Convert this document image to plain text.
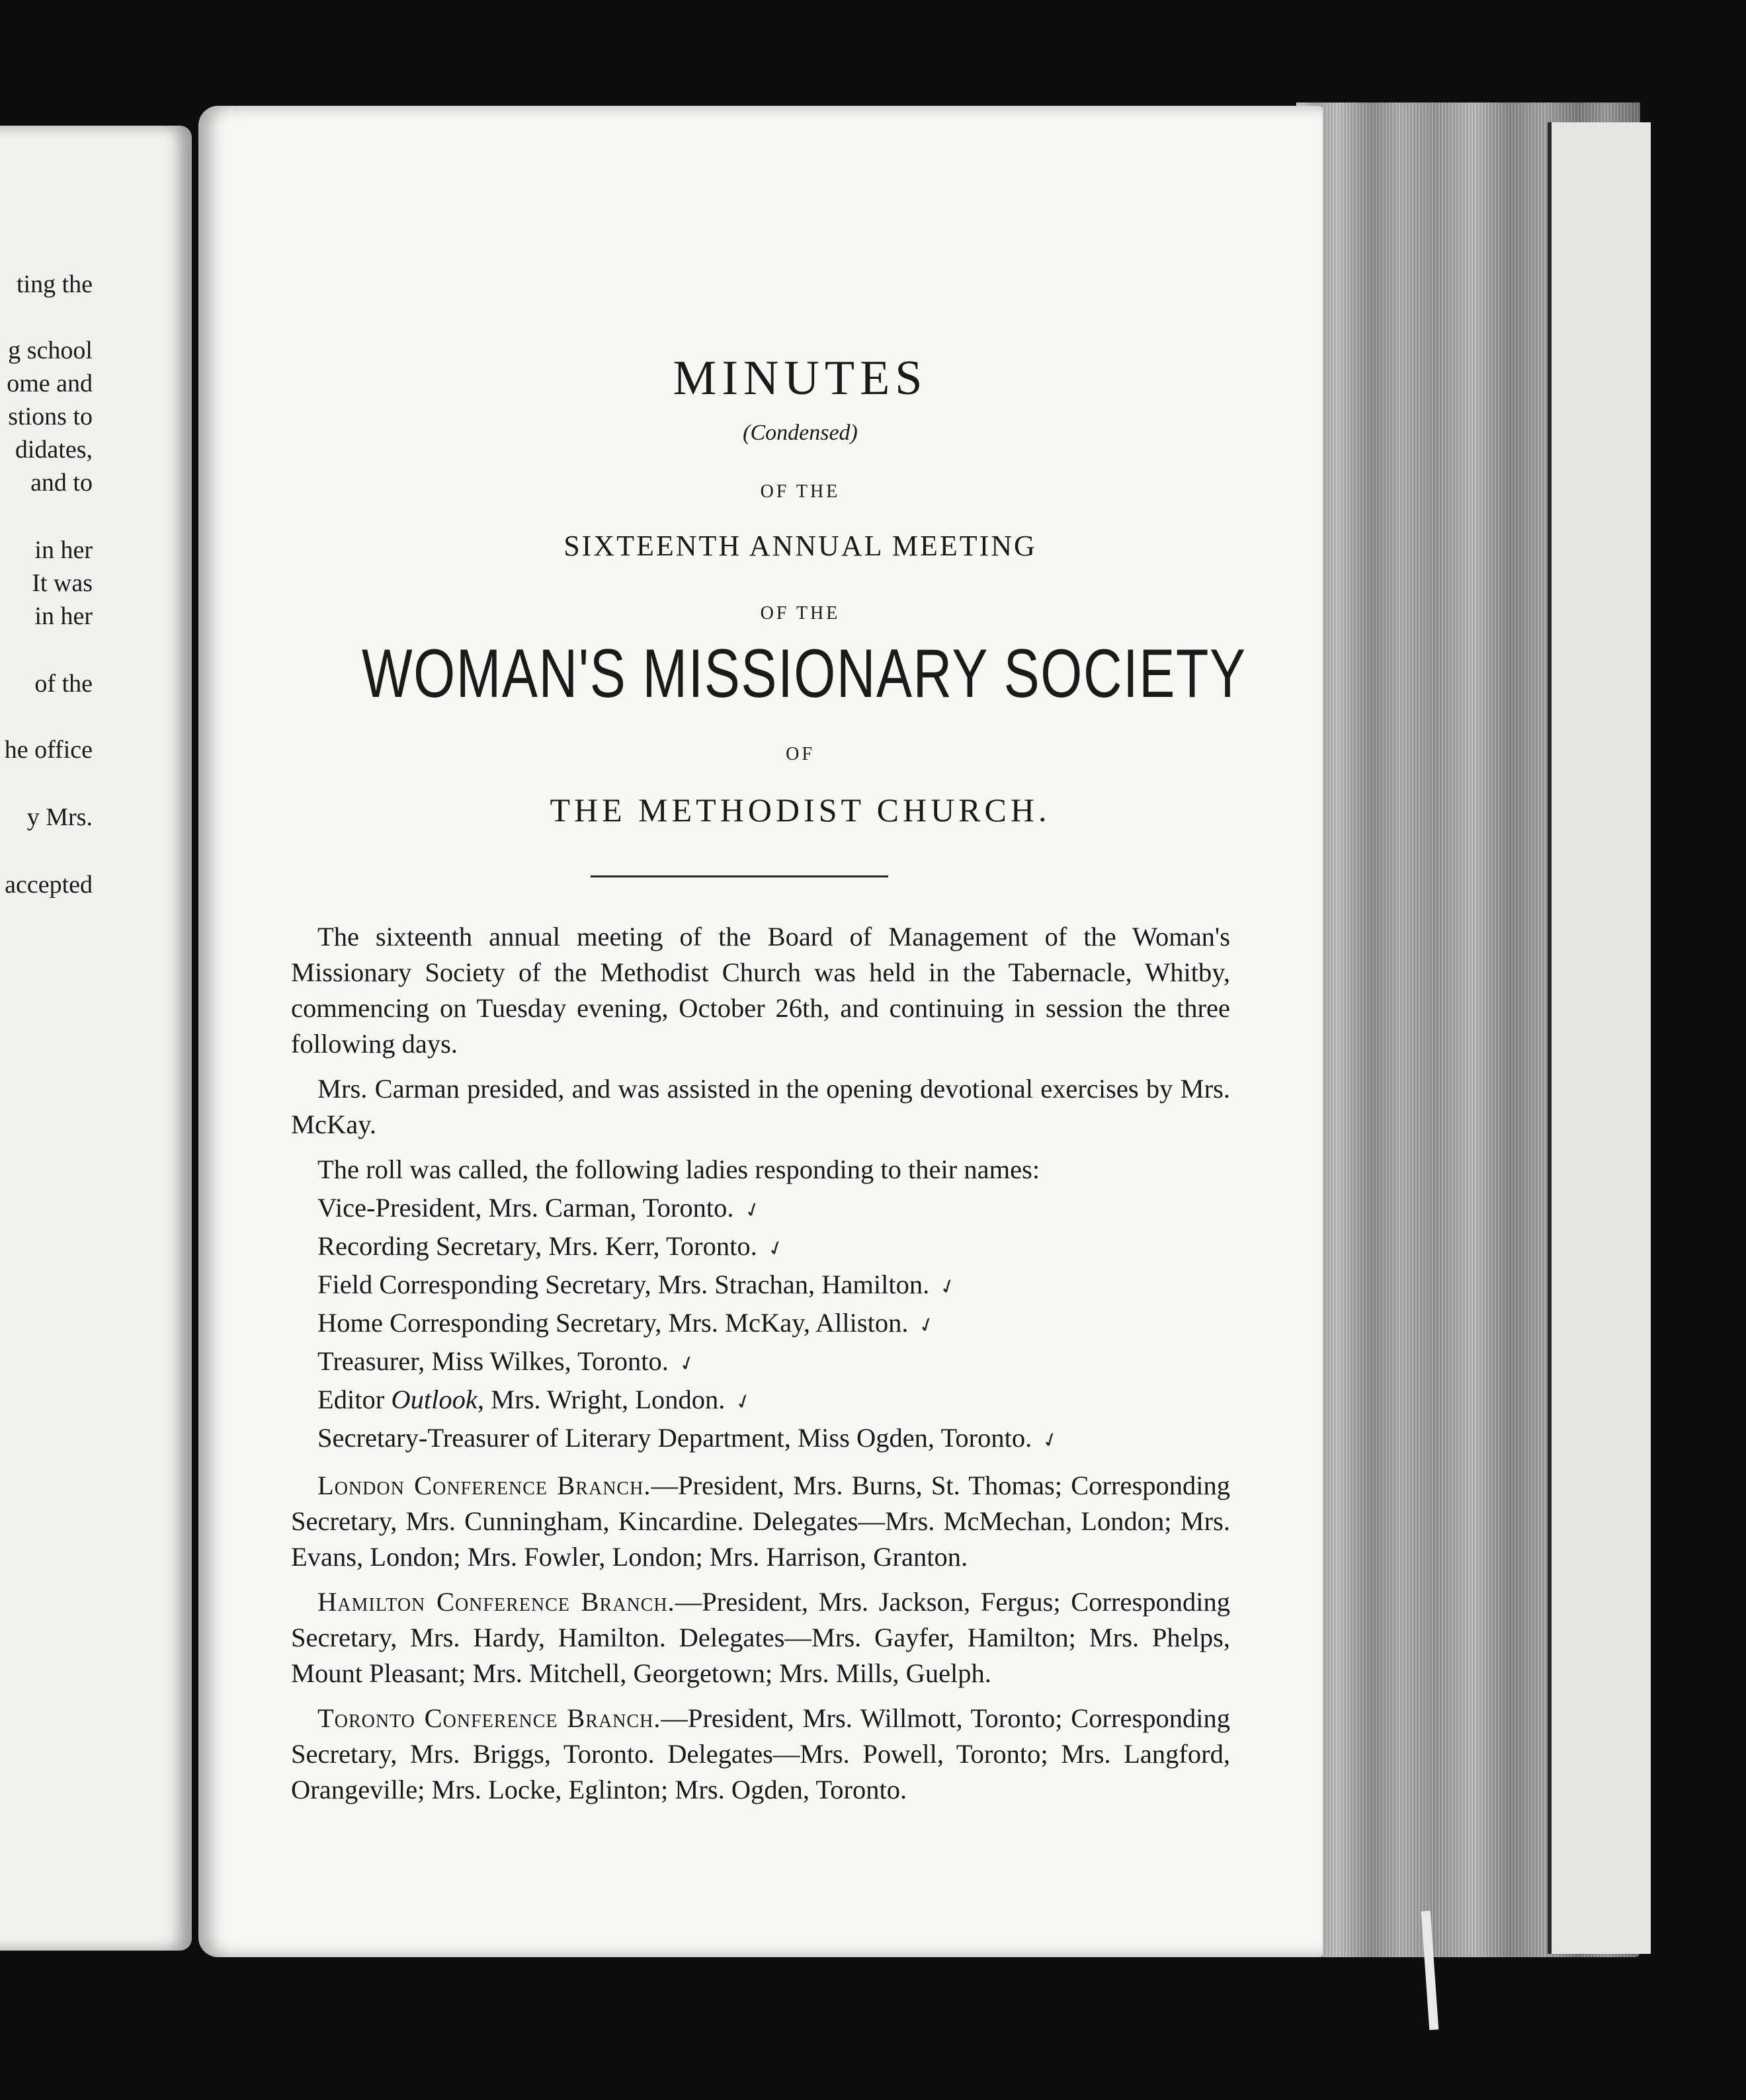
ting the
g school
ome and
stions to
didates,
and to
in her
It was
in her
of the
he office
y Mrs.
accepted
MINUTES
(Condensed)
OF THE
SIXTEENTH ANNUAL MEETING
OF THE
WOMAN'S MISSIONARY SOCIETY
OF
THE METHODIST CHURCH.

The sixteenth annual meeting of the Board of Management of the Woman's Missionary Society of the Methodist Church was held in the Tabernacle, Whitby, commencing on Tuesday evening, October 26th, and continuing in session the three following days.

Mrs. Carman presided, and was assisted in the opening devotional exercises by Mrs. McKay.

The roll was called, the following ladies responding to their names:

Vice-President, Mrs. Carman, Toronto. ✓
Recording Secretary, Mrs. Kerr, Toronto. ✓
Field Corresponding Secretary, Mrs. Strachan, Hamilton. ✓
Home Corresponding Secretary, Mrs. McKay, Alliston. ✓
Treasurer, Miss Wilkes, Toronto. ✓
Editor Outlook, Mrs. Wright, London. ✓
Secretary-Treasurer of Literary Department, Miss Ogden, Toronto. ✓

London Conference Branch.—President, Mrs. Burns, St. Thomas; Corresponding Secretary, Mrs. Cunningham, Kincardine. Delegates—Mrs. McMechan, London; Mrs. Evans, London; Mrs. Fowler, London; Mrs. Harrison, Granton.

Hamilton Conference Branch.—President, Mrs. Jackson, Fergus; Corresponding Secretary, Mrs. Hardy, Hamilton. Delegates—Mrs. Gayfer, Hamilton; Mrs. Phelps, Mount Pleasant; Mrs. Mitchell, Georgetown; Mrs. Mills, Guelph.

Toronto Conference Branch.—President, Mrs. Willmott, Toronto; Corresponding Secretary, Mrs. Briggs, Toronto. Delegates—Mrs. Powell, Toronto; Mrs. Langford, Orangeville; Mrs. Locke, Eglinton; Mrs. Ogden, Toronto.
